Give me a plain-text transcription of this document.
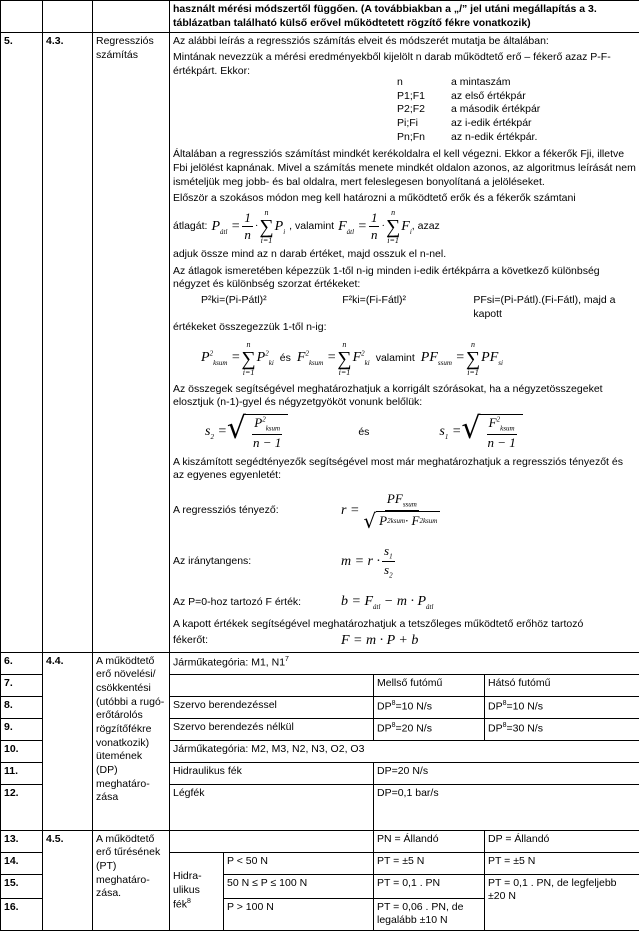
			használt mérési módszertől függően. (A továbbiakban a „/” jel utáni megállapítás a 3. táblázatban található külső erővel működtetett rögzítő fékre vonatkozik)
5.	4.3.	Regressziós számítás	
Az alábbi leírás a regressziós számítás elveit és módszerét mutatja be általában:
Mintának nevezzük a mérési eredményekből kijelölt n darab működtető erő – fékerő azaz P-F-értékpárt. Ekkor:
n	a mintaszám
P1;F1	az első értékpár
P2;F2	a második értékpár
Pi;Fi	az i-edik értékpár
Pn;Fn	az n-edik értékpár.
Általában a regressziós számítást mindkét kerékoldalra el kell végezni. Ekkor a fékerők Fji, illetve Fbi jelölést kapnának. Mivel a számítás menete mindkét oldalon azonos, az algoritmus leírását nem ismételjük meg jobb- és bal oldalra, mert feleslegesen bonyolítaná a jelöléseket.
Először a szokásos módon meg kell határozni a működtető erők és a fékerők számtani
átlagát: $P_{átl} = \frac{1}{n}$ ·
n
∑
i=1
$P_i$ , valamint $F_{átl} = \frac{1}{n}$ ·
n
∑
i=1
$F_i$ , azaz
adjuk össze mind az n darab értéket, majd osszuk el n-nel.
Az átlagok ismeretében képezzük 1-től n-ig minden i-edik értékpárra a következő különbség négyzet és különbség szorzat értékeket:
P²ki=(Pi-Pátl)²	F²ki=(Fi-Fátl)²	PFsi=(Pi-Pátl).(Fi-Fátl), majd a kapott
értékeket összegezzük 1-től n-ig:
$P^2_{ksum}$ =
n
∑
i=1
$P^2_{ki}$ és $F^2_{ksum}$ =
n
∑
i=1
$F^2_{ki}$ valamint $PF_{ssum}$ =
n
∑
i=1
$PF_{si}$
Az összegek segítségével meghatározhatjuk a korrigált szórásokat, ha a négyzetösszegeket elosztjuk (n-1)-gyel és négyzetgyököt vonunk belőlük:
$s_2$ = √ $\frac{P^2_{ksum}}{n - 1}$	és	$s_1$ = √ $\frac{F^2_{ksum}}{n - 1}$
A kiszámított segédtényezők segítségével most már meghatározhatjuk a regressziós tényezőt és az egyenes egyenletét:
A regressziós tényező:	$r = \frac{PF_{ssum}}{\text{√ P 2 ksum · F 2 ksum}}$
Az iránytangens:	$m = r \cdot \frac{s_1}{s_2}$
Az P=0-hoz tartozó F érték:	$b = F_{átl} - m \cdot P_{átl}$
A kapott értékek segítségével meghatározhatjuk a tetszőleges működtető erőhöz tartozó
fékerőt:	F = m · P + b

6.	4.4.	A működtető erő növelési/ csökkentési (utóbbi a rugó-erőtárolós rögzítőfékre vonatkozik) ütemének (DP) meghatáro-zása	Járműkategória: M1, $N1^7$
7.		Mellső futómű	Hátsó futómű
8.	Szervo berendezéssel	$DP^8=10$ N/s	$DP^8=10$ N/s
9.	Szervo berendezés nélkül	$DP^8=20$ N/s	$DP^8=30$ N/s
10.	Járműkategória: M2, M3, N2, N3, O2, O3
11.	Hidraulikus fék	DP=20 N/s
12.	Légfék	DP=0,1 bar/s
13.	4.5.	A működtető erő tűrésének (PT) meghatáro-zása.		PN = Állandó	DP = Állandó
14.	Hidra-ulikus fék$^8$	P < 50 N	PT = ±5 N	PT = ±5 N
15.	50 N ≤ P ≤ 100 N	PT = 0,1 . PN	PT = 0,1 . PN, de legfeljebb ±20 N
16.	P > 100 N	PT = 0,06 . PN, de legalább ±10 N
